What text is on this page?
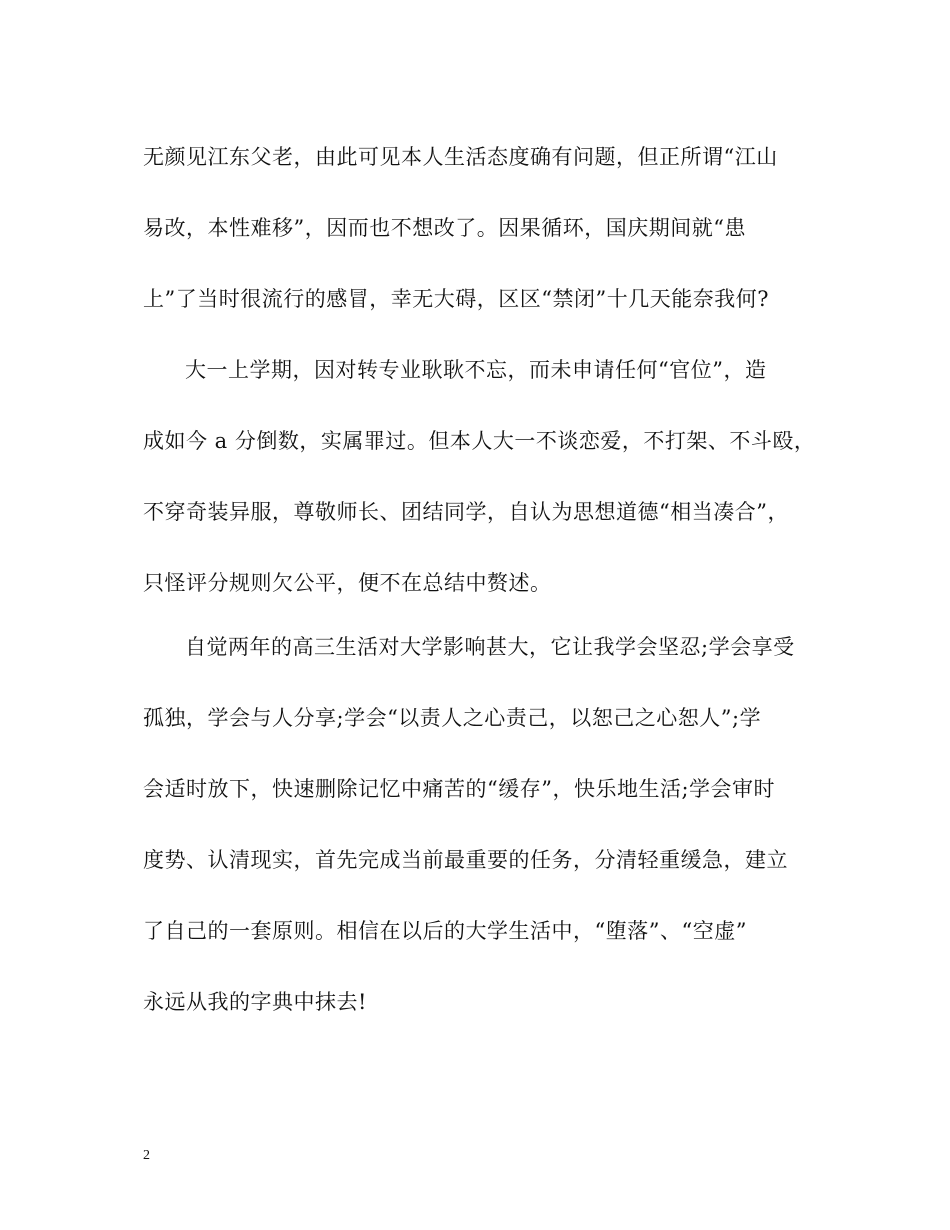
无颜见江东父老，由此可见本人生活态度确有问题，但正所谓“江山
易改，本性难移”，因而也不想改了。因果循环，国庆期间就“患
上”了当时很流行的感冒，幸无大碍，区区“禁闭”十几天能奈我何?
大一上学期，因对转专业耿耿不忘，而未申请任何“官位”，造
成如今 a 分倒数，实属罪过。但本人大一不谈恋爱，不打架、不斗殴，
不穿奇装异服，尊敬师长、团结同学，自认为思想道德“相当凑合”，
只怪评分规则欠公平，便不在总结中赘述。
自觉两年的高三生活对大学影响甚大，它让我学会坚忍;学会享受
孤独，学会与人分享;学会“以责人之心责己，以恕己之心恕人”;学
会适时放下，快速删除记忆中痛苦的“缓存”，快乐地生活;学会审时
度势、认清现实，首先完成当前最重要的任务，分清轻重缓急，建立
了自己的一套原则。相信在以后的大学生活中，“堕落”、“空虚”
永远从我的字典中抹去!
2
